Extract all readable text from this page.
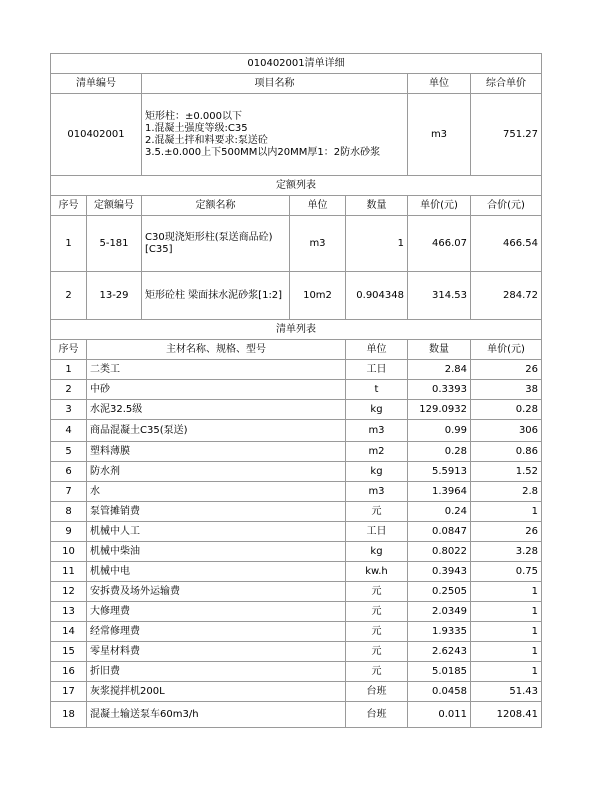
010402001清单详细							
清单编号		项目名称			单位	综合单价	
010402001		矩形柱：±0.000以下
1.混凝土强度等级:C35
2.混凝土拌和料要求:泵送砼
3.5.±0.000上下500MM以内20MM厚1：2防水砂浆			m3	751.27	
定额列表							
序号	定额编号	定额名称	单位	数量	单价(元)	合价(元)	
1	5-181	C30现浇矩形柱(泵送商品砼)[C35]	m3	1	466.07	466.54	
2	13-29	矩形砼柱 梁面抹水泥砂浆[1:2]	10m2	0.904348	314.53	284.72	
清单列表							
序号	主材名称、规格、型号			单位	数量	单价(元)	
1	二类工			工日	2.84	26	
2	中砂			t	0.3393	38	
3	水泥32.5级			kg	129.0932	0.28	
4	商品混凝土C35(泵送)			m3	0.99	306	
5	塑料薄膜			m2	0.28	0.86	
6	防水剂			kg	5.5913	1.52	
7	水			m3	1.3964	2.8	
8	泵管摊销费			元	0.24	1	
9	机械中人工			工日	0.0847	26	
10	机械中柴油			kg	0.8022	3.28	
11	机械中电			kw.h	0.3943	0.75	
12	安拆费及场外运输费			元	0.2505	1	
13	大修理费			元	2.0349	1	
14	经常修理费			元	1.9335	1	
15	零星材料费			元	2.6243	1	
16	折旧费			元	5.0185	1	
17	灰浆搅拌机200L			台班	0.0458	51.43	
18	混凝土输送泵车60m3/h			台班	0.011	1208.41	
